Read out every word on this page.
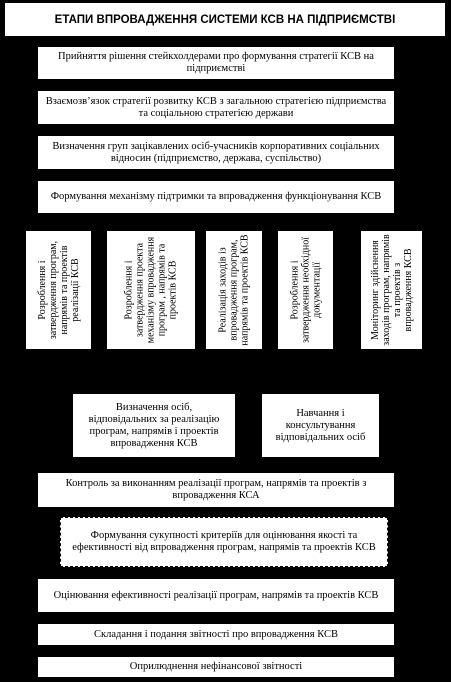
ЕТАПИ ВПРОВАДЖЕННЯ СИСТЕМИ КСВ НА ПІДПРИЄМСТВІ
Прийняття рішення стейкхолдерами про формування стратегії КСВ на підприємстві
Взаємозв’язок стратегії розвитку КСВ з загальною стратегією підприємства та соціальною стратегією держави
Визначення груп зацікавлених осіб-учасників корпоративних соціальних відносин (підприємство, держава, суспільство)
Формування механізму підтримки та впровадження функціонування КСВ
Розроблення і затвердження програм, напрямів та проектів реалізації КСВ	Розроблення і затвердження проекта механізму впровадження програм , напрямів та проектів КСВ	Реалізація заходів із впровадження програм, напрямів та проектів КСВ	Розроблення і затвердження необхідної документації	Моніторинг здійснення заходів програм, напрямів та проектів з впровадження КСВ
Визначення осіб, відповідальних за реалізацію програм, напрямів і проектів впровадження КСВ
Навчання і консультування відповідальних осіб
Контроль за виконанням реалізації програм, напрямів та проектів з впровадження КСА
Формування сукупності критеріїв для оцінювання якості та ефективності від впровадження програм, напрямів та проектів КСВ
Оцінювання ефективності реалізації програм, напрямів та проектів КСВ
Складання і подання звітності про впровадження КСВ
Оприлюднення нефінансової звітності
